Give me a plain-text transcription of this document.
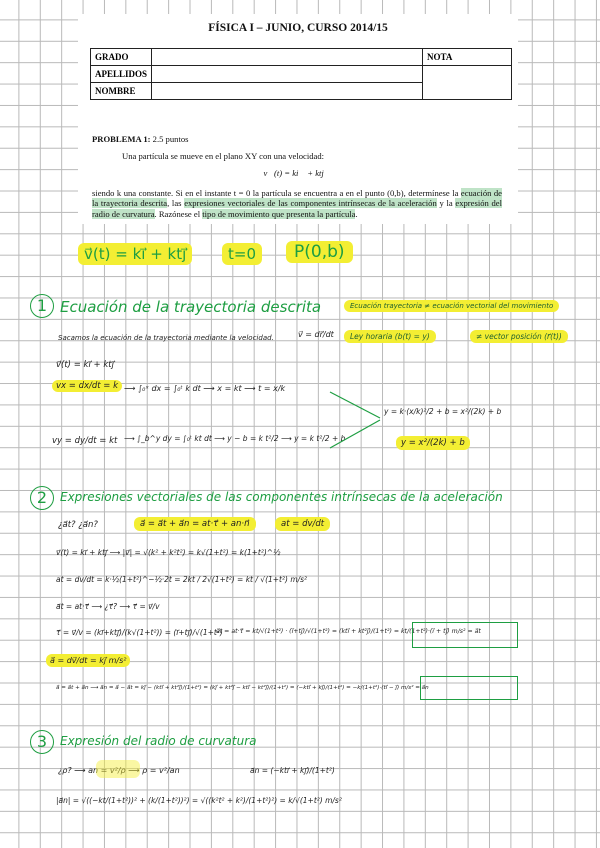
FÍSICA I – JUNIO, CURSO 2014/15
GRADO		NOTA
APELLIDOS		
NOMBRE		
PROBLEMA 1: 2.5 puntos
Una partícula se mueve en el plano XY con una velocidad:
v⃗(t) = ki⃗ + ktj⃗
siendo k una constante. Si en el instante t = 0 la partícula se encuentra a en el punto (0,b), determínese la ecuación de la trayectoria descrita, las expresiones vectoriales de las componentes intrínsecas de la aceleración y la expresión del radio de curvatura. Razónese el tipo de movimiento que presenta la partícula.
v⃗(t) = ki⃗ + ktj⃗	t=0	P(0,b)
1 Ecuación de la trayectoria descrita	Ecuación trayectoria ≠ ecuación vectorial del movimiento
Ley horaria (b(t) = y)	≠ vector posición (r⃗(t))
Sacamos la ecuación de la trayectoria mediante la velocidad.	v⃗ = dr⃗/dt
v⃗(t) = ki⃗ + ktj⃗
vx = dx/dt = k ⟶ ∫₀ˣ dx = ∫₀ᵗ k dt ⟶ x = kt ⟶ t = x/k
vy = dy/dt = kt ⟶ ∫_b^y dy = ∫₀ᵗ kt dt ⟶ y − b = k t²/2 ⟶ y = k t²/2 + b
y = k·(x/k)²/2 + b = x²/(2k) + b
y = x²/(2k) + b
2	Expresiones vectoriales de las componentes intrínsecas de la aceleración
¿a⃗t? ¿a⃗n?	a⃗ = a⃗t + a⃗n = at·τ⃗ + an·n⃗	at = dv/dt
v⃗(t) = ki⃗ + ktj⃗ ⟶ |v⃗| = √(k² + k²t²) = k√(1+t²) = k(1+t²)^½
at = dv/dt = k·½(1+t²)^−½·2t = 2kt / 2√(1+t²) = kt / √(1+t²) m/s²
a⃗t = at·τ⃗ ⟶ ¿τ⃗? ⟶ τ⃗ = v⃗/v
τ⃗ = v⃗/v = (ki⃗+ktj⃗)/(k√(1+t²)) = (i⃗+tj⃗)/√(1+t²)
a⃗t = at·τ⃗ = kt/√(1+t²) · (i⃗+tj⃗)/√(1+t²) = (kti⃗ + kt²j⃗)/(1+t²) = kt/(1+t²)·(i⃗ + tj⃗) m/s² = a⃗t
a⃗ = dv⃗/dt = kj⃗ m/s²
a⃗ = a⃗t + a⃗n ⟶ a⃗n = a⃗ − a⃗t = kj⃗ − (kti⃗ + kt²j⃗)/(1+t²) = (kj⃗ + kt²j⃗ − kti⃗ − kt²j⃗)/(1+t²) = (−kti⃗ + kj⃗)/(1+t²) = −k/(1+t²)·(ti⃗ − j⃗) m/s² = a⃗n
3	Expresión del radio de curvatura
¿ρ? ⟶ an = v²/ρ ⟶ ρ = v²/an	a⃗n = (−kti⃗ + kj⃗)/(1+t²)
|a⃗n| = √((−kt/(1+t²))² + (k/(1+t²))²) = √((k²t² + k²)/(1+t²)²) = k/√(1+t²) m/s²
